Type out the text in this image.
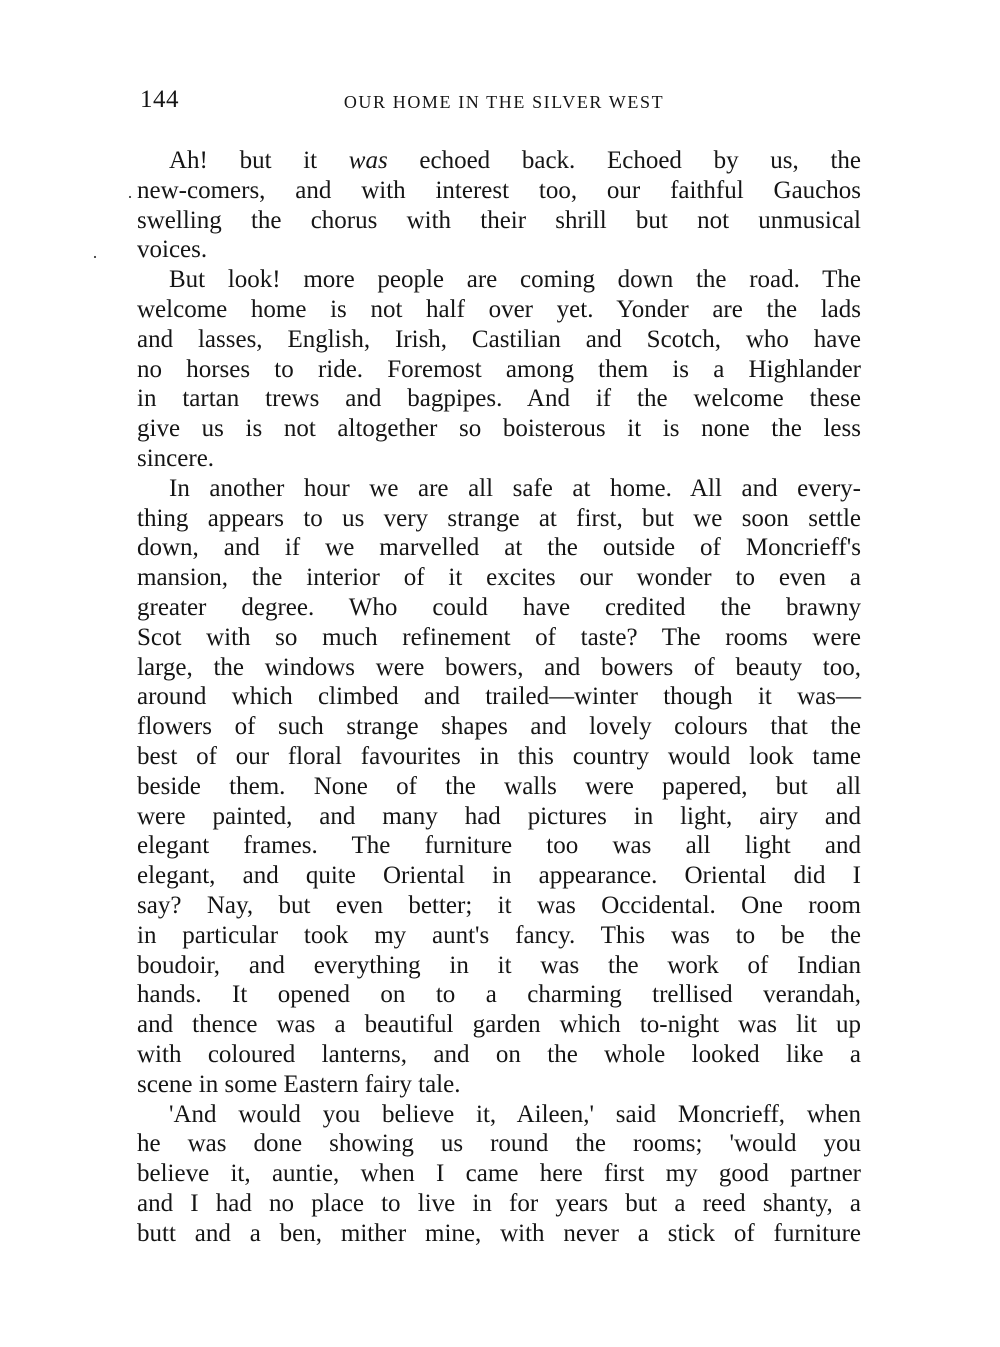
144	OUR HOME IN THE SILVER WEST
·
·
Ah! but it was echoed back. Echoed by us, the
new-comers, and with interest too, our faithful Gauchos
swelling the chorus with their shrill but not unmusical
voices.
But look! more people are coming down the road. The
welcome home is not half over yet. Yonder are the lads
and lasses, English, Irish, Castilian and Scotch, who have
no horses to ride. Foremost among them is a Highlander
in tartan trews and bagpipes. And if the welcome these
give us is not altogether so boisterous it is none the less
sincere.
In another hour we are all safe at home. All and every-
thing appears to us very strange at first, but we soon settle
down, and if we marvelled at the outside of Moncrieff's
mansion, the interior of it excites our wonder to even a
greater degree. Who could have credited the brawny
Scot with so much refinement of taste? The rooms were
large, the windows were bowers, and bowers of beauty too,
around which climbed and trailed—winter though it was—
flowers of such strange shapes and lovely colours that the
best of our floral favourites in this country would look tame
beside them. None of the walls were papered, but all
were painted, and many had pictures in light, airy and
elegant frames. The furniture too was all light and
elegant, and quite Oriental in appearance. Oriental did I
say? Nay, but even better; it was Occidental. One room
in particular took my aunt's fancy. This was to be the
boudoir, and everything in it was the work of Indian
hands. It opened on to a charming trellised verandah,
and thence was a beautiful garden which to-night was lit up
with coloured lanterns, and on the whole looked like a
scene in some Eastern fairy tale.
'And would you believe it, Aileen,' said Moncrieff, when
he was done showing us round the rooms; 'would you
believe it, auntie, when I came here first my good partner
and I had no place to live in for years but a reed shanty, a
butt and a ben, mither mine, with never a stick of furniture
